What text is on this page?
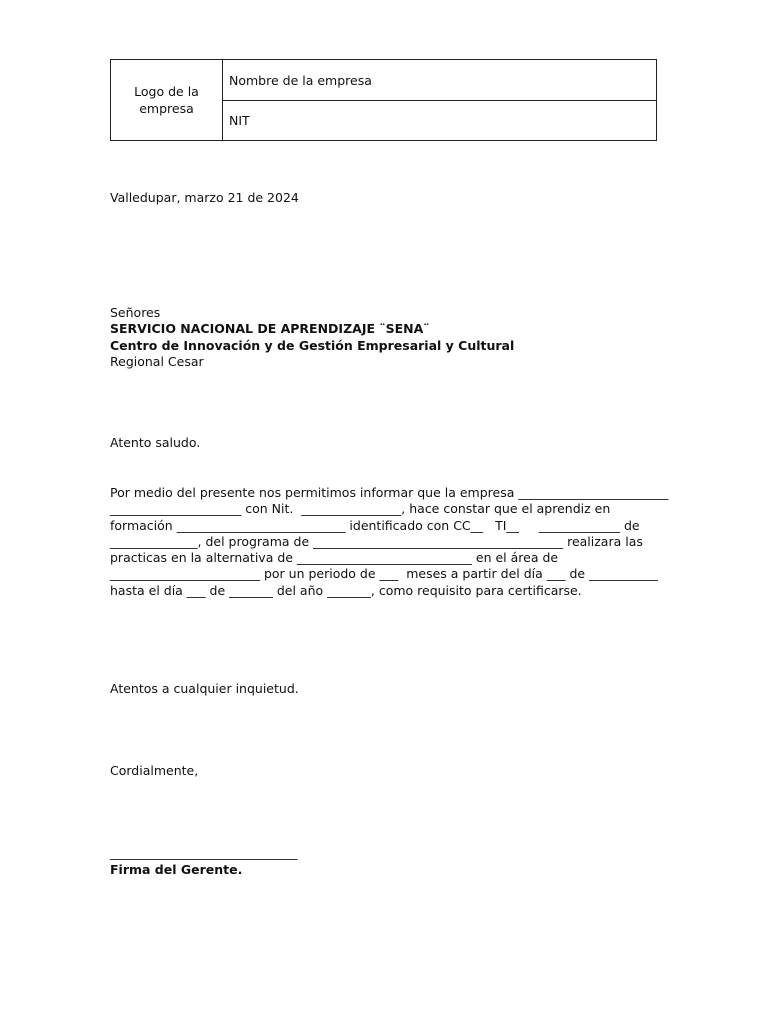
Logo de la empresa
Nombre de la empresa
NIT
Valledupar, marzo 21 de 2024
Señores
SERVICIO NACIONAL DE APRENDIZAJE ¨SENA¨
Centro de Innovación y de Gestión Empresarial y Cultural
Regional Cesar
Atento saludo.
Por medio del presente nos permitimos informar que la empresa ________________________
_____________________ con Nit.  ________________, hace constar que el aprendiz en
formación ___________________________ identificado con CC__   TI__     _____________ de
______________, del programa de ________________________________________ realizara las
practicas en la alternativa de ____________________________ en el área de
________________________ por un periodo de ___  meses a partir del día ___ de ___________
hasta el día ___ de _______ del año _______, como requisito para certificarse.
Atentos a cualquier inquietud.
Cordialmente,
______________________________
Firma del Gerente.
